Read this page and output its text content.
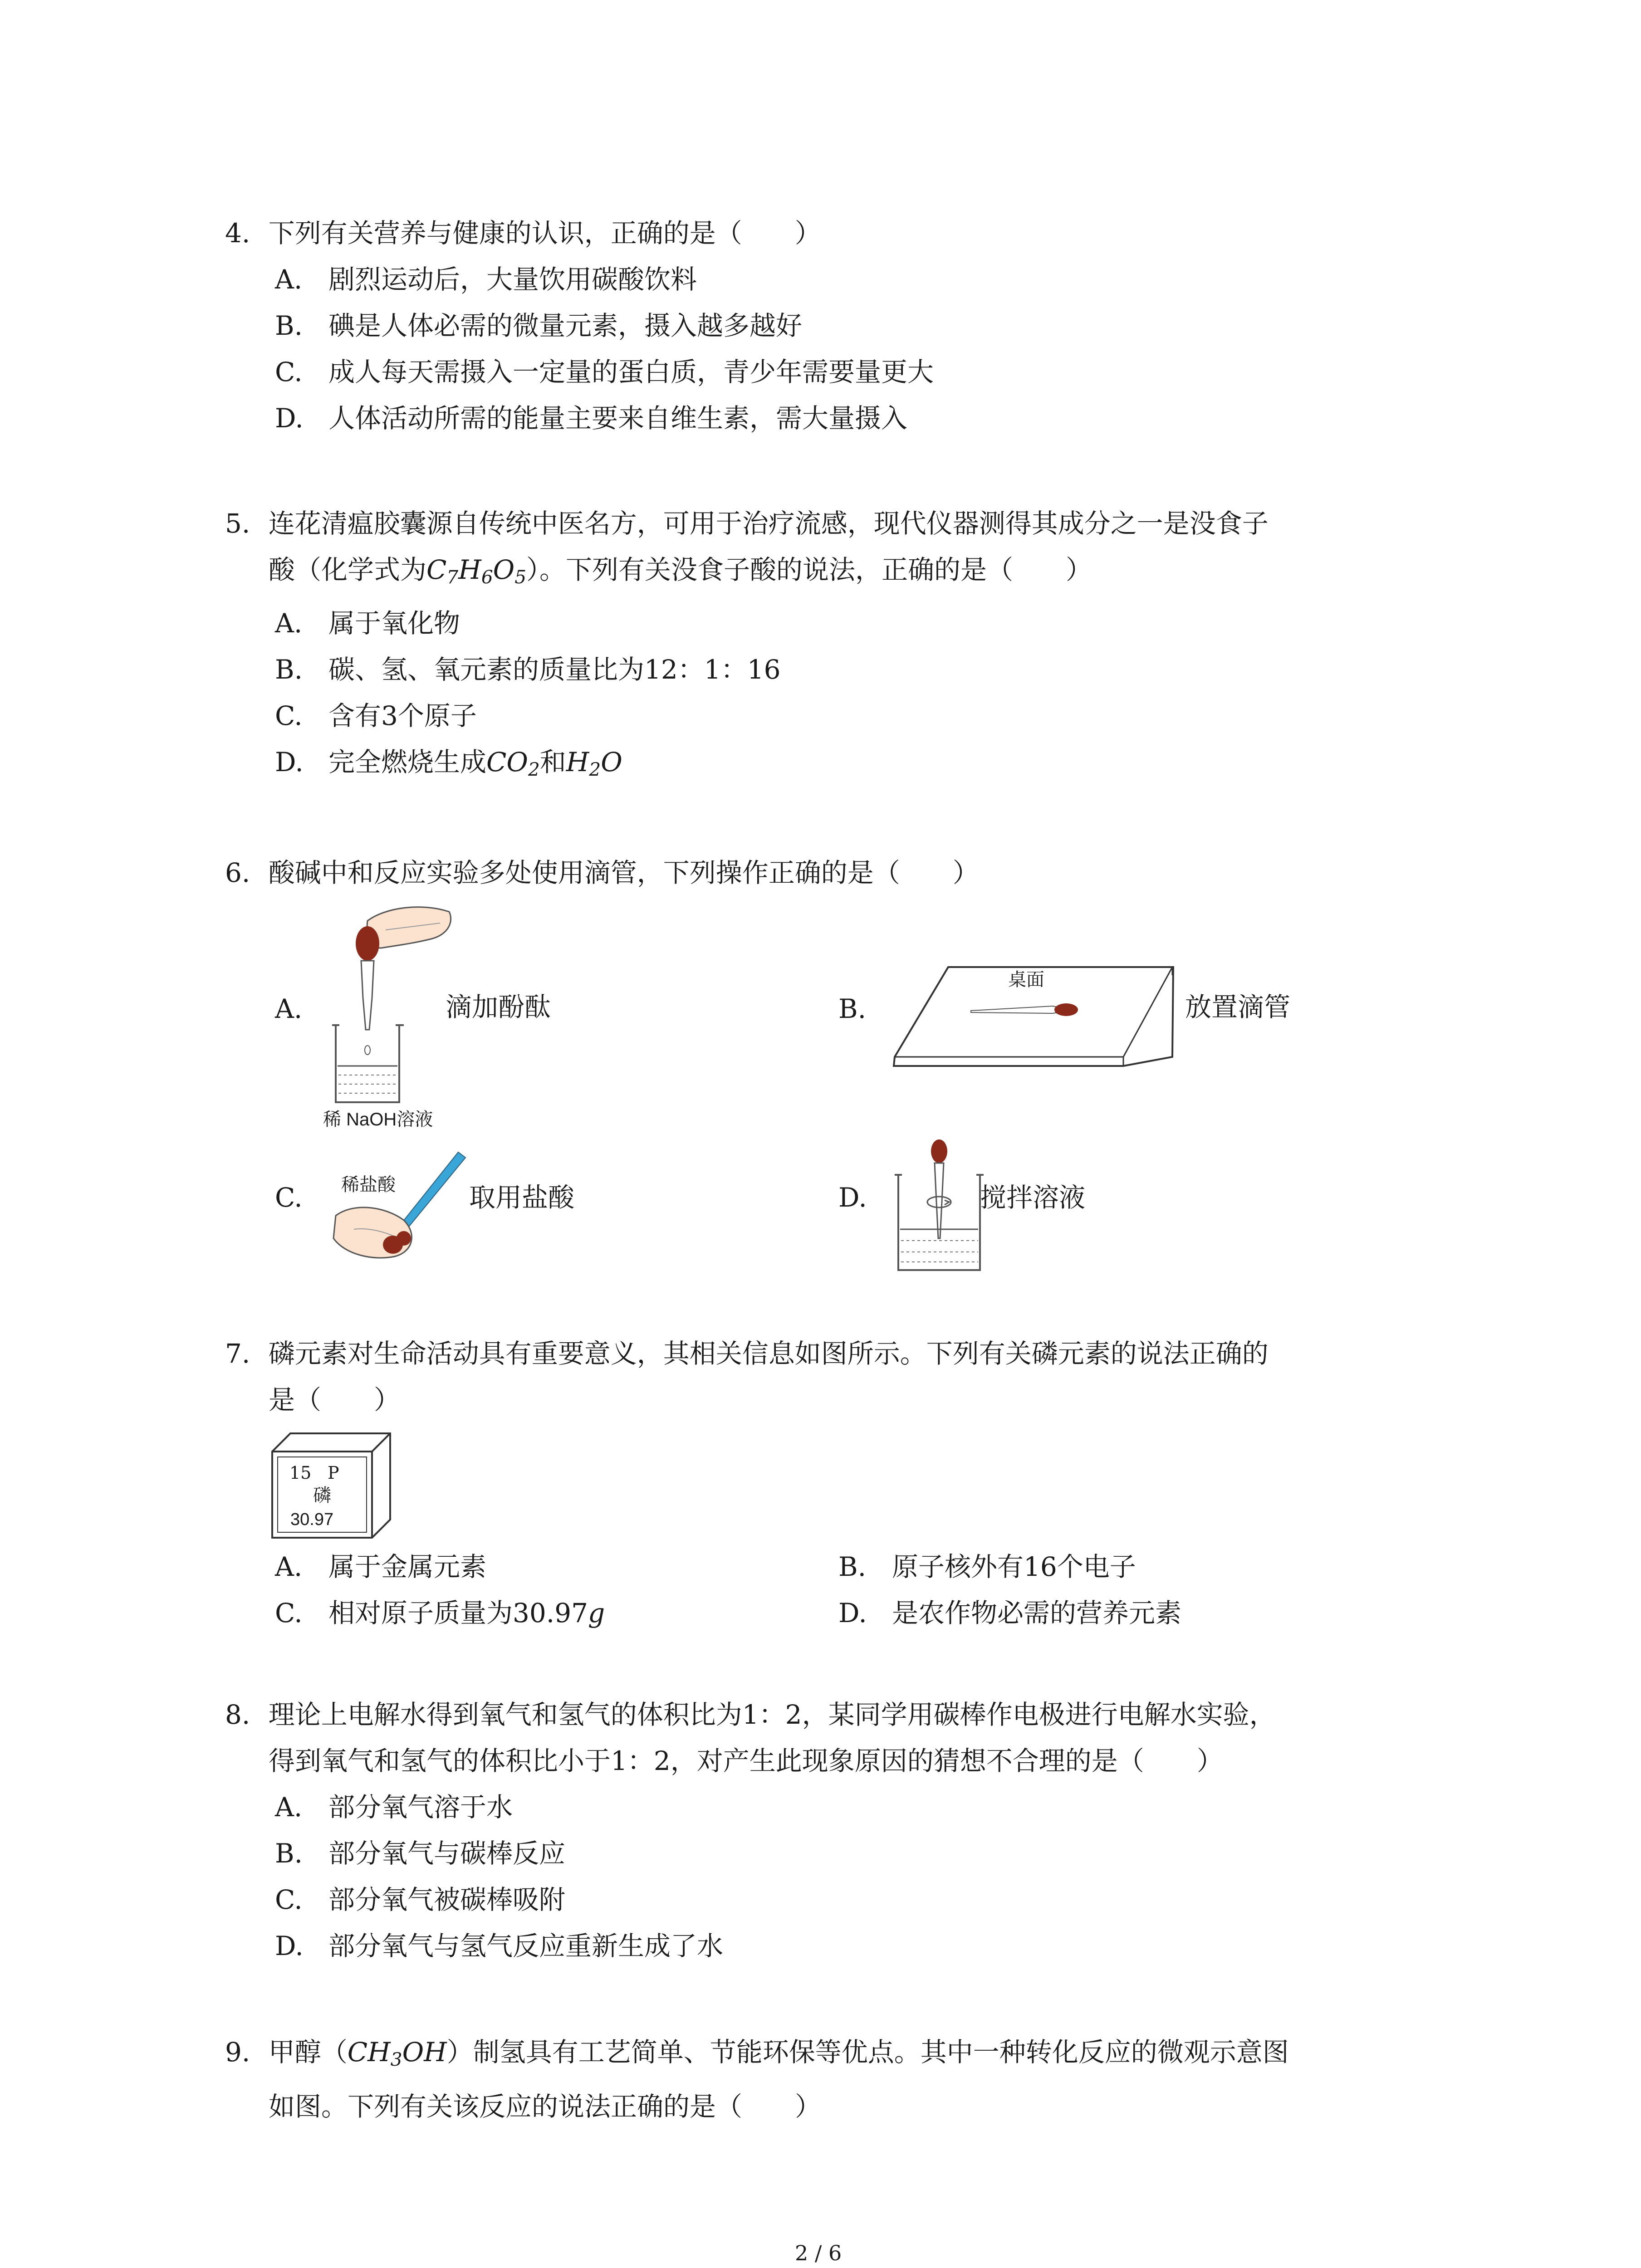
4. 下列有关营养与健康的认识，正确的是（　　）
A. 剧烈运动后，大量饮用碳酸饮料
B. 碘是人体必需的微量元素，摄入越多越好
C. 成人每天需摄入一定量的蛋白质，青少年需要量更大
D. 人体活动所需的能量主要来自维生素，需大量摄入
5. 连花清瘟胶囊源自传统中医名方，可用于治疗流感，现代仪器测得其成分之一是没食子
酸（化学式为$C_7H_6O_5$）。下列有关没食子酸的说法，正确的是（　　）
A. 属于氧化物
B. 碳、氢、氧元素的质量比为12：1：16
C. 含有3个原子
D. 完全燃烧生成$CO_2$和$H_2O$
6. 酸碱中和反应实验多处使用滴管，下列操作正确的是（　　）
A.
稀 NaOH溶液
滴加酚酞	B.
桌面
放置滴管
C. 稀盐酸	取用盐酸	D.	搅拌溶液
7. 磷元素对生命活动具有重要意义，其相关信息如图所示。下列有关磷元素的说法正确的
是（　　）
15 P
磷
30.97
A. 属于金属元素	B. 原子核外有16个电子
C. 相对原子质量为30.97g	D. 是农作物必需的营养元素
8. 理论上电解水得到氧气和氢气的体积比为1：2，某同学用碳棒作电极进行电解水实验，
得到氧气和氢气的体积比小于1：2，对产生此现象原因的猜想不合理的是（　　）
A. 部分氧气溶于水
B. 部分氧气与碳棒反应
C. 部分氧气被碳棒吸附
D. 部分氧气与氢气反应重新生成了水
9. 甲醇$(CH_3OH)$制氢具有工艺简单、节能环保等优点。其中一种转化反应的微观示意图
如图。下列有关该反应的说法正确的是（　　）
2 / 6
